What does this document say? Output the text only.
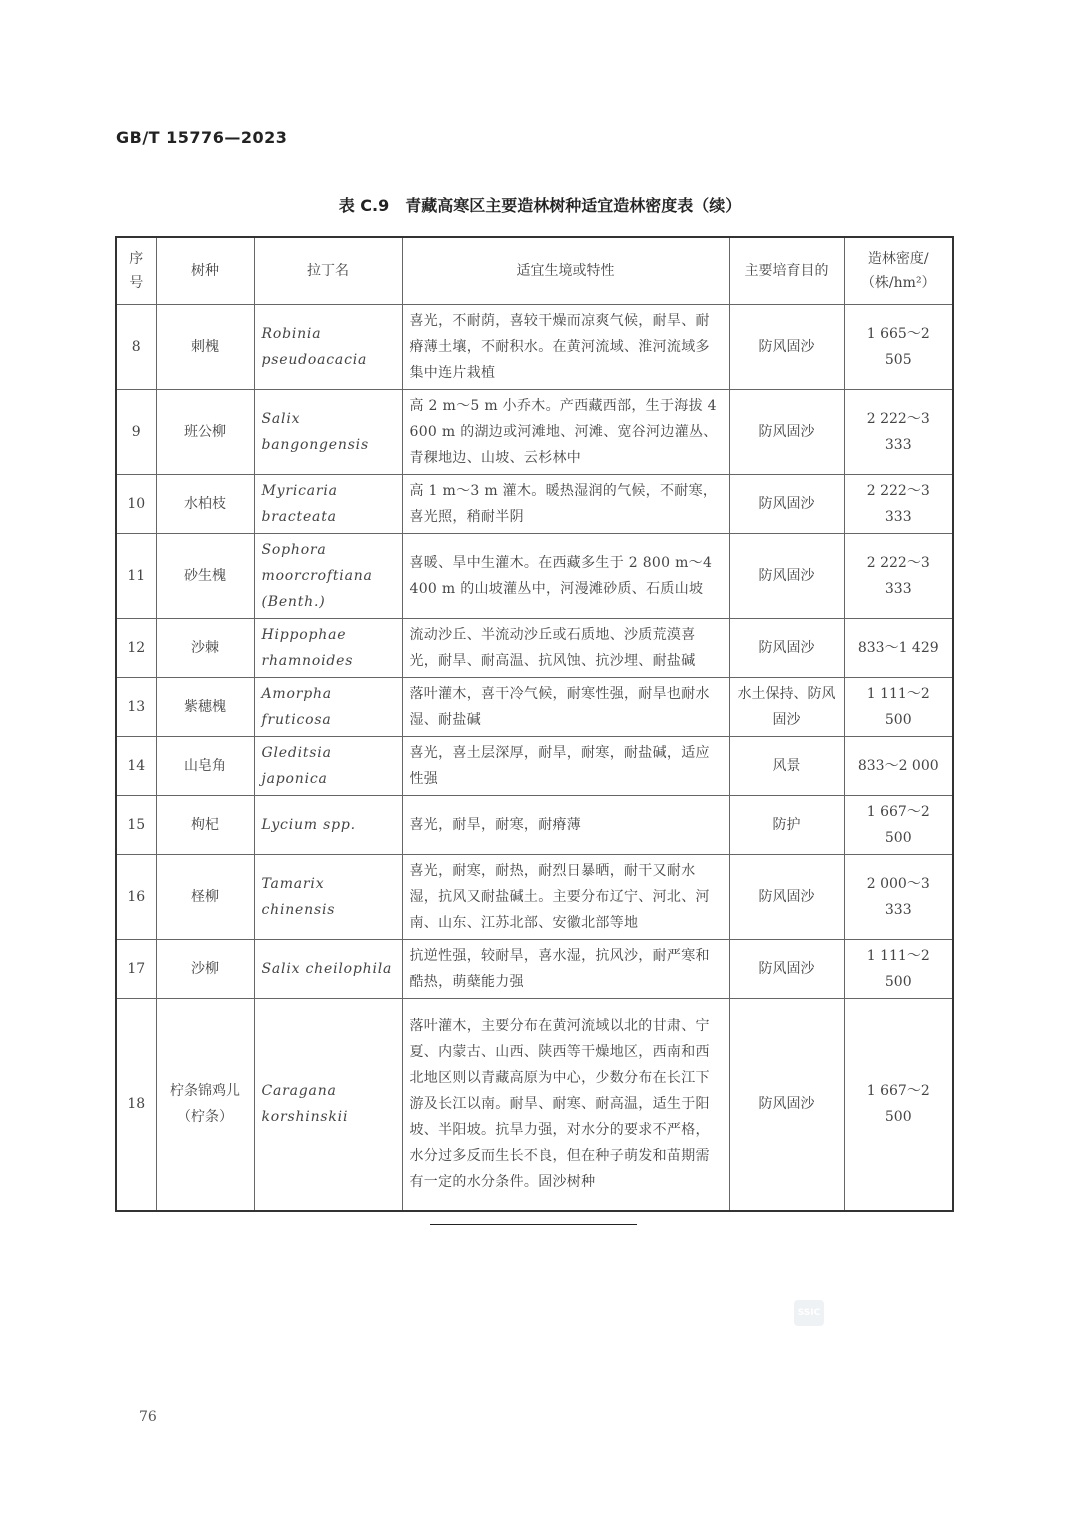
GB/T 15776—2023
表 C.9　青藏高寒区主要造林树种适宜造林密度表（续）
序号	树种	拉丁名	适宜生境或特性	主要培育目的	造林密度/
（株/hm²）

8	刺槐	Robinia pseudoacacia	喜光，不耐荫，喜较干燥而凉爽气候，耐旱、耐瘠薄土壤，不耐积水。在黄河流域、淮河流域多集中连片栽植	防风固沙	1 665～2 505
9	班公柳	Salix bangongensis	高 2 m～5 m 小乔木。产西藏西部，生于海拔 4 600 m 的湖边或河滩地、河滩、宽谷河边灌丛、青稞地边、山坡、云杉林中	防风固沙	2 222～3 333
10	水柏枝	Myricaria bracteata	高 1 m～3 m 灌木。暖热湿润的气候，不耐寒，喜光照，稍耐半阴	防风固沙	2 222～3 333
11	砂生槐	Sophora moorcroftiana (Benth.)	喜暖、旱中生灌木。在西藏多生于 2 800 m～4 400 m 的山坡灌丛中，河漫滩砂质、石质山坡	防风固沙	2 222～3 333
12	沙棘	Hippophae rhamnoides	流动沙丘、半流动沙丘或石质地、沙质荒漠喜光，耐旱、耐高温、抗风蚀、抗沙埋、耐盐碱	防风固沙	833～1 429
13	紫穗槐	Amorpha fruticosa	落叶灌木，喜干冷气候，耐寒性强，耐旱也耐水湿、耐盐碱	水土保持、防风固沙	1 111～2 500
14	山皂角	Gleditsia japonica	喜光，喜土层深厚，耐旱，耐寒，耐盐碱，适应性强	风景	833～2 000
15	枸杞	Lycium spp.	喜光，耐旱，耐寒，耐瘠薄	防护	1 667～2 500
16	柽柳	Tamarix chinensis	喜光，耐寒，耐热，耐烈日暴晒，耐干又耐水湿，抗风又耐盐碱土。主要分布辽宁、河北、河南、山东、江苏北部、安徽北部等地	防风固沙	2 000～3 333
17	沙柳	Salix cheilophila	抗逆性强，较耐旱，喜水湿，抗风沙，耐严寒和酷热，萌蘖能力强	防风固沙	1 111～2 500
18	柠条锦鸡儿（柠条）	Caragana korshinskii	落叶灌木，主要分布在黄河流域以北的甘肃、宁夏、内蒙古、山西、陕西等干燥地区，西南和西北地区则以青藏高原为中心，少数分布在长江下游及长江以南。耐旱、耐寒、耐高温，适生于阳坡、半阳坡。抗旱力强，对水分的要求不严格，水分过多反而生长不良，但在种子萌发和苗期需有一定的水分条件。固沙树种	防风固沙	1 667～2 500
SSIC
76
